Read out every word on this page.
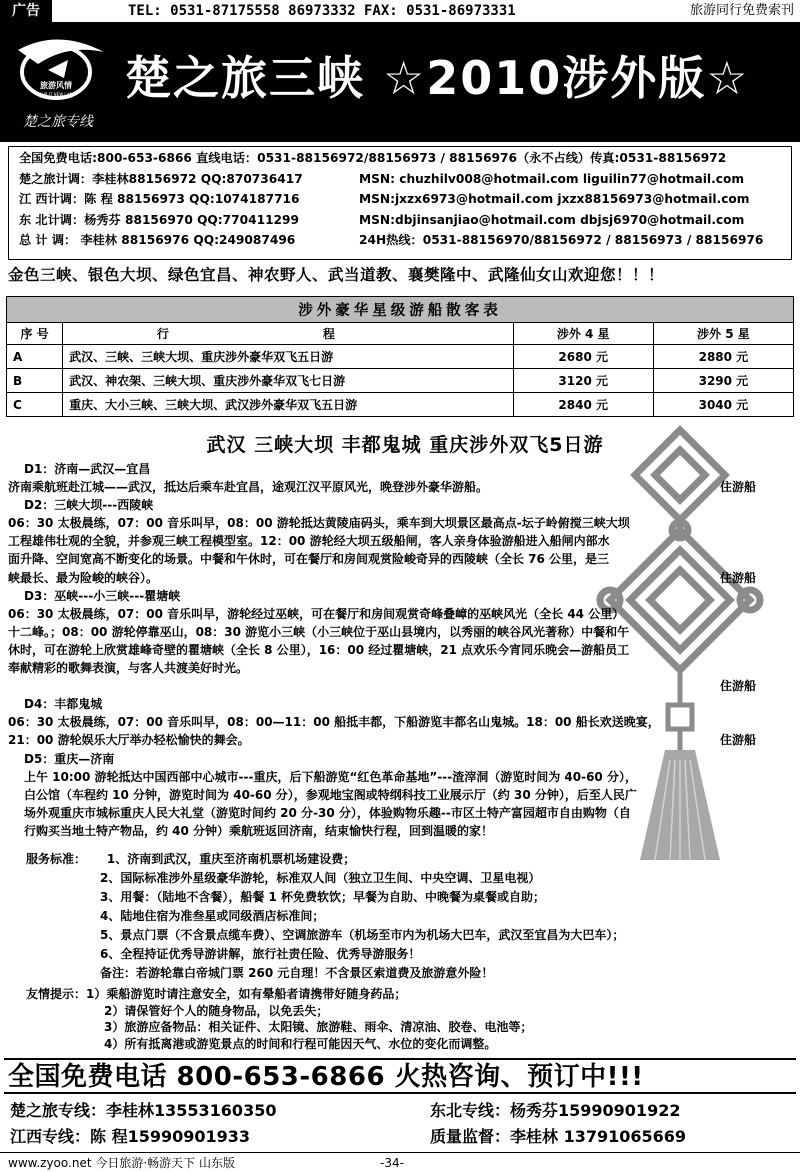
广告	TEL: 0531-87175558 86973332 FAX: 0531-86973331	旅游同行免费索刊
旅游风情
YOUR IT NEW LAND
楚之旅专线
楚之旅三峡 ☆2010涉外版☆
全国免费电话:800-653-6866 直线电话：0531-88156972/88156973 / 88156976（永不占线）传真:0531-88156972
楚之旅计调：李桂林88156972 QQ:870736417	MSN: chuzhilv008@hotmail.com liguilin77@hotmail.com
江 西计调：陈 程 88156973 QQ:1074187716	MSN:jxzx6973@hotmail.com jxzx88156973@hotmail.com
东 北计调：杨秀芬 88156970 QQ:770411299	MSN:dbjinsanjiao@hotmail.com dbjsj6970@hotmail.com
总 计 调： 李桂林 88156976 QQ:249087496	24H热线：0531-88156970/88156972 / 88156973 / 88156976
金色三峡、银色大坝、绿色宜昌、神农野人、武当道教、襄樊隆中、武隆仙女山欢迎您！！！
涉外豪华星级游船散客表				
序 号	行	程	涉外 4 星	涉外 5 星
A	武汉、三峡、三峡大坝、重庆涉外豪华双飞五日游		2680 元	2880 元
B	武汉、神农架、三峡大坝、重庆涉外豪华双飞七日游		3120 元	3290 元
C	重庆、大小三峡、三峡大坝、武汉涉外豪华双飞五日游		2840 元	3040 元
武汉 三峡大坝 丰都鬼城 重庆涉外双飞5日游

D1：济南—武汉—宜昌

济南乘航班赴江城——武汉，抵达后乘车赴宜昌，途观江汉平原风光，晚登涉外豪华游船。	住游船

D2：三峡大坝---西陵峡

06：30 太极晨练，07：00 音乐叫早，08：00 游轮抵达黄陵庙码头，乘车到大坝景区最高点-坛子岭俯搅三峡大坝

工程雄伟壮观的全貌，并参观三峡工程模型室。12：00 游轮经大坝五级船闸，客人亲身体验游船进入船闸内部水

面升降、空间宽高不断变化的场景。中餐和午休时，可在餐厅和房间观赏险峻奇异的西陵峡（全长 76 公里，是三

峡最长、最为险峻的峡谷）。	住游船

D3：巫峡---小三峡---瞿塘峡

06：30 太极晨练，07：00 音乐叫早，游轮经过巫峡，可在餐厅和房间观赏奇峰叠嶂的巫峡风光（全长 44 公里）

十二峰。；08：00 游轮停靠巫山，08：30 游览小三峡（小三峡位于巫山县境内，以秀丽的峡谷风光著称）中餐和午

休时，可在游轮上欣赏雄峰奇壁的瞿塘峡（全长 8 公里），16：00 经过瞿塘峡，21 点欢乐今宵同乐晚会—游船员工

奉献精彩的歌舞表演，与客人共渡美好时光。

住游船

D4：丰都鬼城

06：30 太极晨练，07：00 音乐叫早，08：00—11：00 船抵丰都，下船游览丰都名山鬼城。18：00 船长欢送晚宴，

21：00 游轮娱乐大厅举办轻松愉快的舞会。	住游船

D5：重庆—济南

上午 10:00 游轮抵达中国西部中心城市---重庆，后下船游览“红色革命基地”---渣滓洞（游览时间为 40-60 分），

白公馆（车程约 10 分钟，游览时间为 40-60 分），参观地宝阁或特纲科技工业展示厅（约 30 分钟），后至人民广

场外观重庆市城标重庆人民大礼堂（游览时间约 20 分-30 分），体验购物乐趣--市区土特产富园超市自由购物（自

行购买当地土特产物品，约 40 分钟）乘航班返回济南，结束愉快行程，回到温暖的家！

服务标准： 1、济南到武汉，重庆至济南机票机场建设费；

2、国际标准涉外星级豪华游轮，标准双人间（独立卫生间、中央空调、卫星电视）

3、用餐：（陆地不含餐），船餐 1 杯免费软饮；早餐为自助、中晚餐为桌餐或自助；

4、陆地住宿为准叁星或同级酒店标准间；

5、景点门票（不含景点缆车费）、空调旅游车（机场至市内为机场大巴车，武汉至宜昌为大巴车）；

6、全程持证优秀导游讲解，旅行社责任险、优秀导游服务！

备注：若游轮靠白帝城门票 260 元自理！不含景区索道费及旅游意外险！

友情提示：1）乘船游览时请注意安全，如有晕船者请携带好随身药品；

2）请保管好个人的随身物品，以免丢失；

3）旅游应备物品：相关证件、太阳镜、旅游鞋、雨伞、清凉油、胶卷、电池等；

4）所有抵离港或游览景点的时间和行程可能因天气、水位的变化而调整。

全国免费电话 800-653-6866 火热咨询、预订中!!!
楚之旅专线：李桂林13553160350	东北专线：杨秀芬15990901922
江西专线：陈 程15990901933	质量监督：李桂林 13791065669
www.zyoo.net 今日旅游·畅游天下 山东版	-34-
